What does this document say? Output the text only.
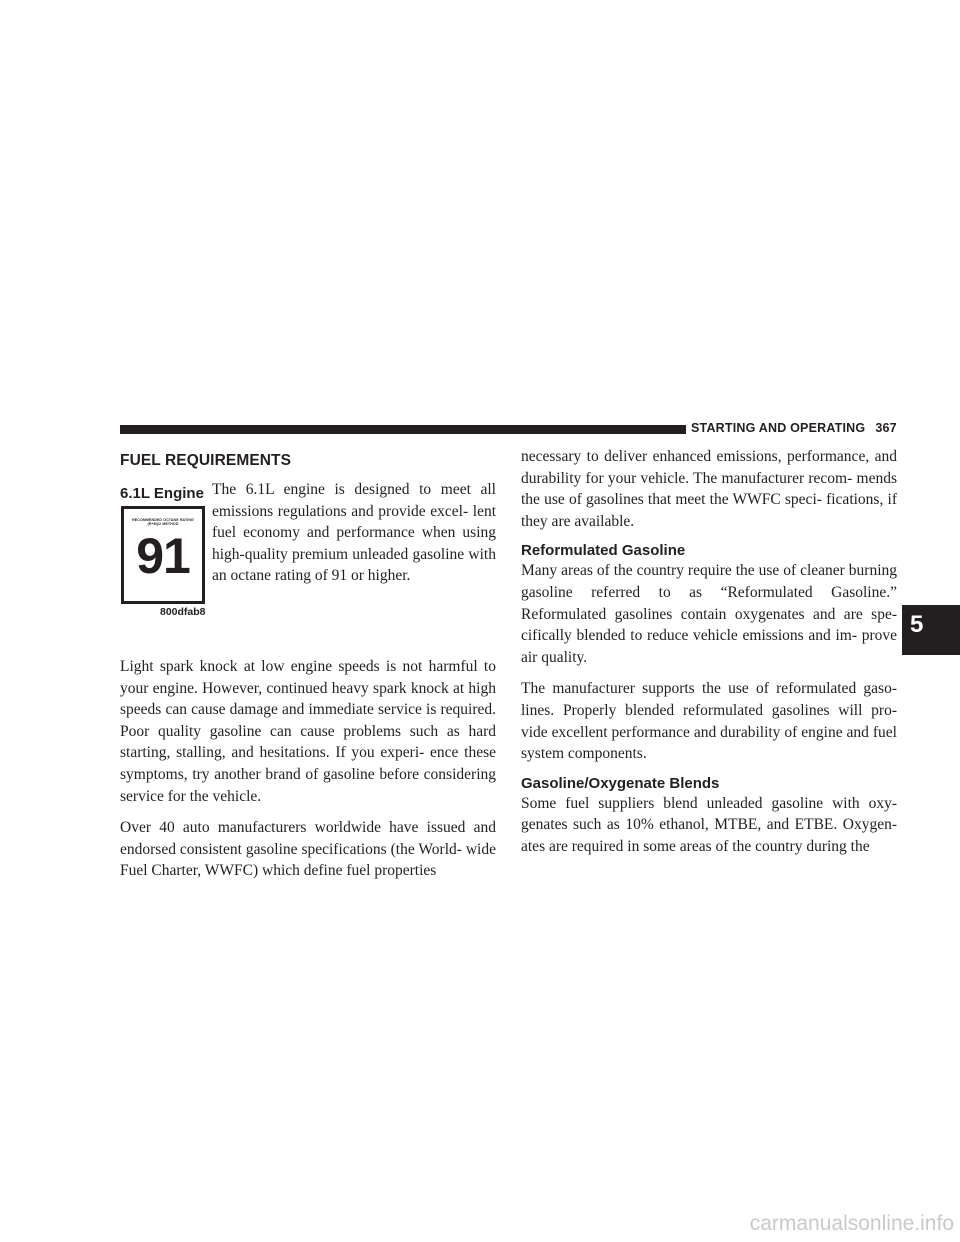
STARTING AND OPERATING 367
FUEL REQUIREMENTS
6.1L Engine
RECOMMENDED OCTANE RATING
(R+M)/2 METHOD
91
800dfab8

The 6.1L engine is designed to meet all emissions regulations and provide excel- lent fuel economy and performance when using high-quality premium unleaded gasoline with an octane rating of 91 or higher.

Light spark knock at low engine speeds is not harmful to your engine. However, continued heavy spark knock at high speeds can cause damage and immediate service is required. Poor quality gasoline can cause problems such as hard starting, stalling, and hesitations. If you experi- ence these symptoms, try another brand of gasoline before considering service for the vehicle.

Over 40 auto manufacturers worldwide have issued and endorsed consistent gasoline specifications (the World- wide Fuel Charter, WWFC) which define fuel properties

necessary to deliver enhanced emissions, performance, and durability for your vehicle. The manufacturer recom- mends the use of gasolines that meet the WWFC speci- fications, if they are available.

Reformulated Gasoline

Many areas of the country require the use of cleaner burning gasoline referred to as “Reformulated Gasoline.” Reformulated gasolines contain oxygenates and are spe- cifically blended to reduce vehicle emissions and im- prove air quality.

The manufacturer supports the use of reformulated gaso- lines. Properly blended reformulated gasolines will pro- vide excellent performance and durability of engine and fuel system components.

Gasoline/Oxygenate Blends

Some fuel suppliers blend unleaded gasoline with oxy- genates such as 10% ethanol, MTBE, and ETBE. Oxygen- ates are required in some areas of the country during the

5
carmanualsonline.info
